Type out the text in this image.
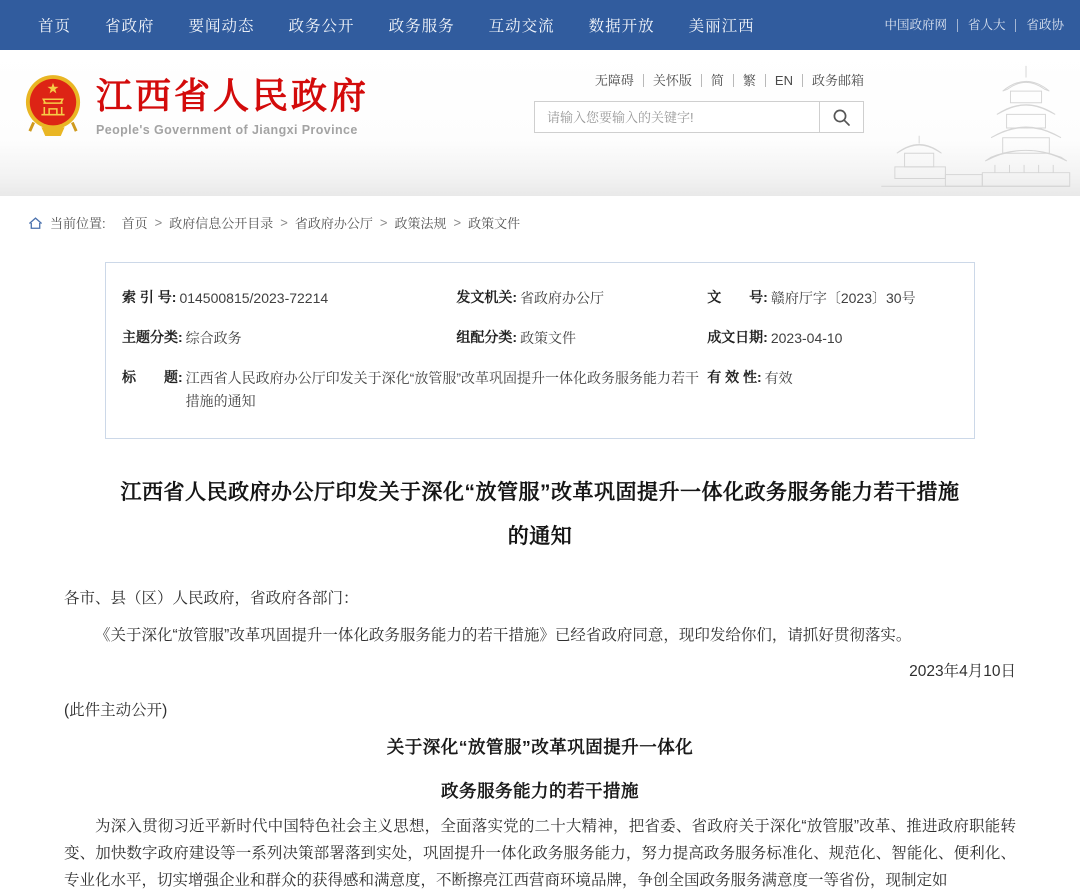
首页 省政府 要闻动态 政务公开 政务服务 互动交流 数据开放 美丽江西	中国政府网	省人大	省政协
江西省人民政府
People's Government of Jiangxi Province
无障碍	关怀版	简	繁	EN	政务邮箱
请输入您要输入的关键字!
当前位置: 首页 > 政府信息公开目录 > 省政府办公厅 > 政策法规 > 政策文件
索 引 号: 014500815/2023-72214	发文机关: 省政府办公厅	文　　号: 赣府厅字〔2023〕30号
主题分类: 综合政务	组配分类: 政策文件	成文日期: 2023-04-10
标　　题: 江西省人民政府办公厅印发关于深化“放管服”改革巩固提升一体化政务服务能力若干措施的通知
有 效 性: 有效
江西省人民政府办公厅印发关于深化“放管服”改革巩固提升一体化政务服务能力若干措施
的通知

各市、县（区）人民政府，省政府各部门：

《关于深化“放管服”改革巩固提升一体化政务服务能力的若干措施》已经省政府同意，现印发给你们，请抓好贯彻落实。

2023年4月10日

(此件主动公开)

关于深化“放管服”改革巩固提升一体化
政务服务能力的若干措施

为深入贯彻习近平新时代中国特色社会主义思想，全面落实党的二十大精神，把省委、省政府关于深化“放管服”改革、推进政府职能转变、加快数字政府建设等一系列决策部署落到实处，巩固提升一体化政务服务能力，努力提高政务服务标准化、规范化、智能化、便利化、专业化水平，切实增强企业和群众的获得感和满意度，不断擦亮江西营商环境品牌，争创全国政务服务满意度一等省份，现制定如
